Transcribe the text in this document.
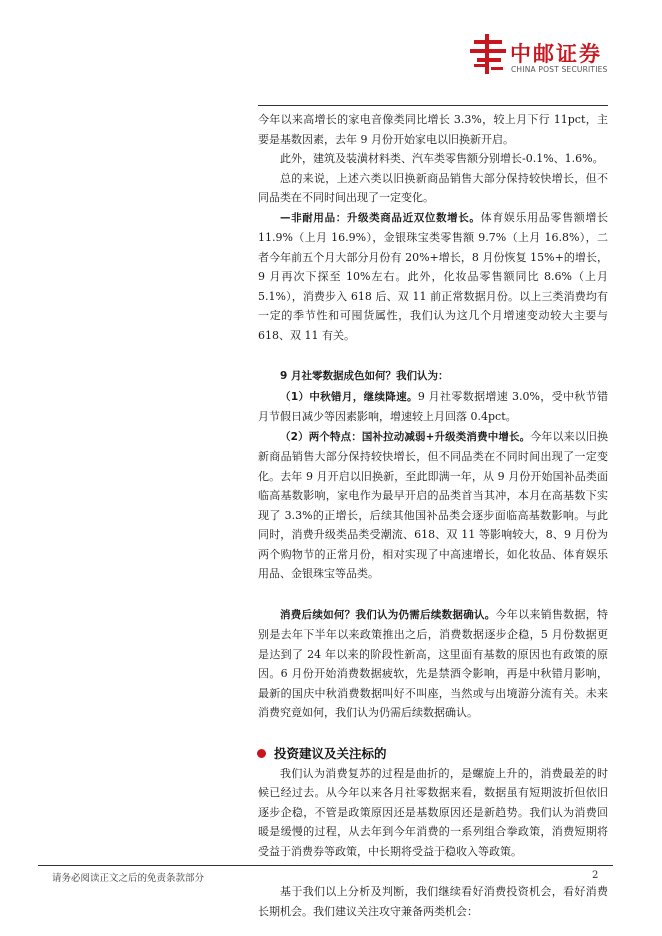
中邮证券
CHINA POST SECURITIES

今年以来高增长的家电音像类同比增长 3.3%，较上月下行 11pct，主要是基数因素，去年 9 月份开始家电以旧换新开启。

此外，建筑及装潢材料类、汽车类零售额分别增长-0.1%、1.6%。

总的来说，上述六类以旧换新商品销售大部分保持较快增长，但不同品类在不同时间出现了一定变化。

—非耐用品：升级类商品近双位数增长。体育娱乐用品零售额增长 11.9%（上月 16.9%），金银珠宝类零售额 9.7%（上月 16.8%），二者今年前五个月大部分月份有 20%+增长，8 月份恢复 15%+的增长，9 月再次下探至 10%左右。此外，化妆品零售额同比 8.6%（上月 5.1%），消费步入 618 后、双 11 前正常数据月份。以上三类消费均有一定的季节性和可囤货属性，我们认为这几个月增速变动较大主要与 618、双 11 有关。

9 月社零数据成色如何？我们认为：

（1）中秋错月，继续降速。9 月社零数据增速 3.0%，受中秋节错月节假日减少等因素影响，增速较上月回落 0.4pct。

（2）两个特点：国补拉动减弱+升级类消费中增长。今年以来以旧换新商品销售大部分保持较快增长，但不同品类在不同时间出现了一定变化。去年 9 月开启以旧换新，至此即满一年，从 9 月份开始国补品类面临高基数影响，家电作为最早开启的品类首当其冲，本月在高基数下实现了 3.3%的正增长，后续其他国补品类会逐步面临高基数影响。与此同时，消费升级类品类受潮流、618、双 11 等影响较大，8、9 月份为两个购物节的正常月份，相对实现了中高速增长，如化妆品、体育娱乐用品、金银珠宝等品类。

消费后续如何？我们认为仍需后续数据确认。今年以来销售数据，特别是去年下半年以来政策推出之后，消费数据逐步企稳，5 月份数据更是达到了 24 年以来的阶段性新高，这里面有基数的原因也有政策的原因。6 月份开始消费数据疲软，先是禁酒令影响，再是中秋错月影响，最新的国庆中秋消费数据叫好不叫座，当然或与出境游分流有关。未来消费究竟如何，我们认为仍需后续数据确认。

投资建议及关注标的

我们认为消费复苏的过程是曲折的，是螺旋上升的，消费最差的时候已经过去。从今年以来各月社零数据来看，数据虽有短期波折但依旧逐步企稳，不管是政策原因还是基数原因还是新趋势。我们认为消费回暖是缓慢的过程，从去年到今年消费的一系列组合拳政策，消费短期将受益于消费券等政策，中长期将受益于稳收入等政策。

基于我们以上分析及判断，我们继续看好消费投资机会，看好消费长期机会。我们建议关注攻守兼备两类机会：

请务必阅读正文之后的免责条款部分	2
